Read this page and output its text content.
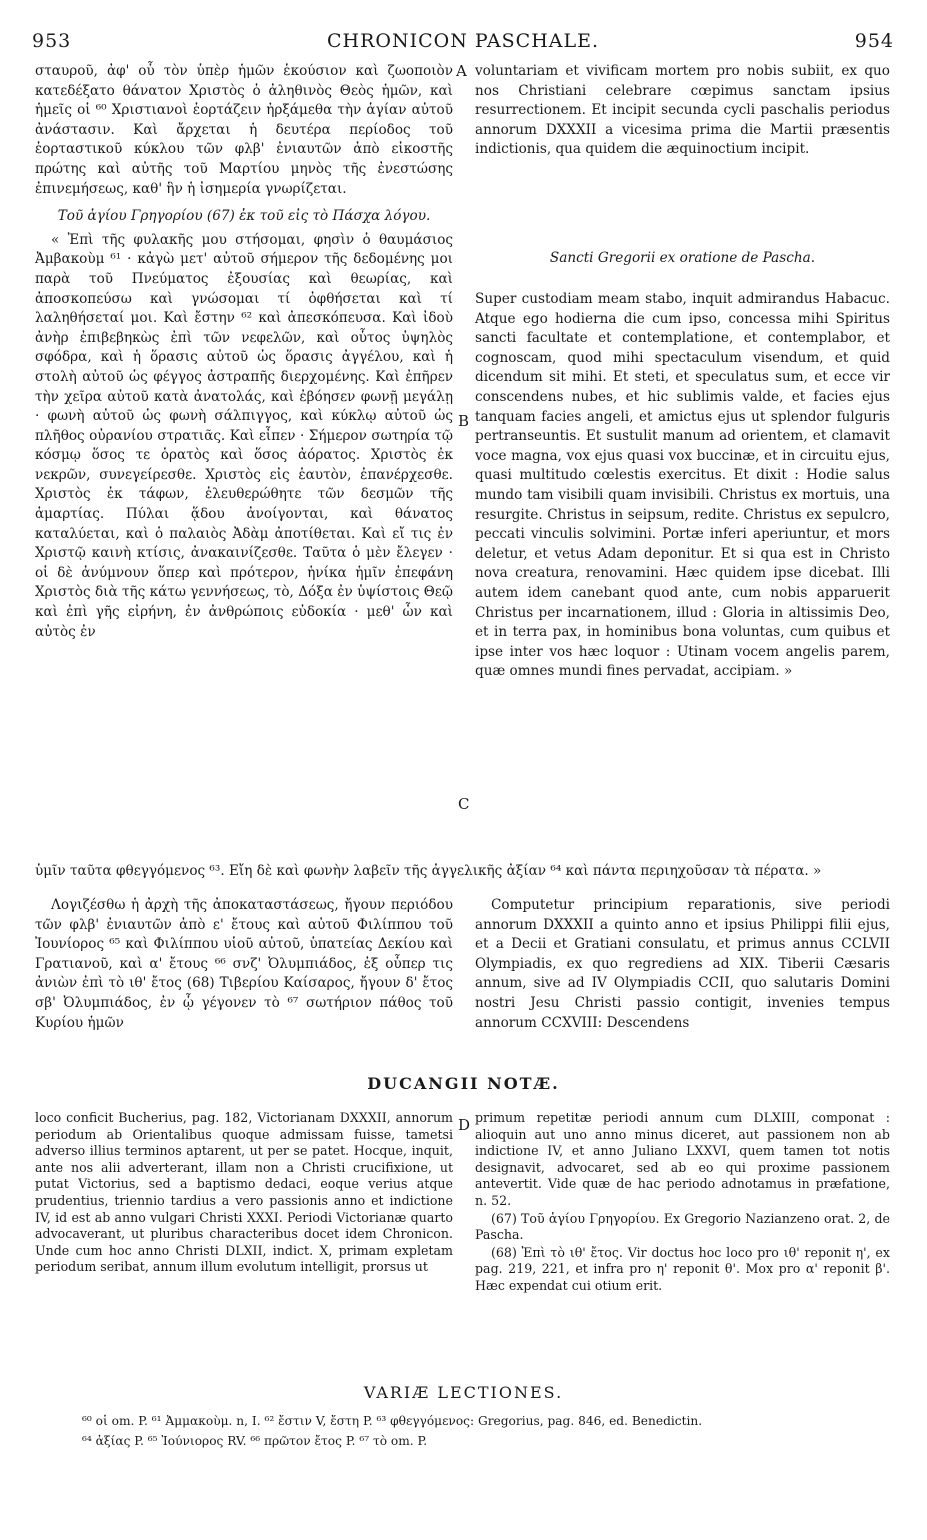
953	CHRONICON PASCHALE.	954

σταυροῦ, ἀφ' οὗ τὸν ὑπὲρ ἡμῶν ἑκούσιον καὶ ζωοποιὸν κατεδέξατο θάνατον Χριστὸς ὁ ἀληθινὸς Θεὸς ἡμῶν, καὶ ἡμεῖς οἱ ⁶⁰ Χριστιανοὶ ἑορτάζειν ἠρξάμεθα τὴν ἁγίαν αὐτοῦ ἀνάστασιν. Καὶ ἄρχεται ἡ δευτέρα περίοδος τοῦ ἑορταστικοῦ κύκλου τῶν φλβ' ἐνιαυτῶν ἀπὸ εἰκοστῆς πρώτης καὶ αὐτῆς τοῦ Μαρτίου μηνὸς τῆς ἐνεστώσης ἐπινεμήσεως, καθ' ἣν ἡ ἰσημερία γνωρίζεται.

Τοῦ ἁγίου Γρηγορίου (67) ἐκ τοῦ εἰς τὸ Πάσχα λόγου.

« Ἐπὶ τῆς φυλακῆς μου στήσομαι, φησὶν ὁ θαυμάσιος Ἀμβακοὺμ ⁶¹ · κἀγὼ μετ' αὐτοῦ σήμερον τῆς δεδομένης μοι παρὰ τοῦ Πνεύματος ἐξουσίας καὶ θεωρίας, καὶ ἀποσκοπεύσω καὶ γνώσομαι τί ὀφθήσεται καὶ τί λαληθήσεταί μοι. Καὶ ἔστην ⁶² καὶ ἀπεσκόπευσα. Καὶ ἰδοὺ ἀνὴρ ἐπιβεβηκὼς ἐπὶ τῶν νεφελῶν, καὶ οὗτος ὑψηλὸς σφόδρα, καὶ ἡ ὅρασις αὐτοῦ ὡς ὅρασις ἀγγέλου, καὶ ἡ στολὴ αὐτοῦ ὡς φέγγος ἀστραπῆς διερχομένης. Καὶ ἐπῆρεν τὴν χεῖρα αὐτοῦ κατὰ ἀνατολάς, καὶ ἐβόησεν φωνῇ μεγάλῃ · φωνὴ αὐτοῦ ὡς φωνὴ σάλπιγγος, καὶ κύκλῳ αὐτοῦ ὡς πλῆθος οὐρανίου στρατιᾶς. Καὶ εἶπεν · Σήμερον σωτηρία τῷ κόσμῳ ὅσος τε ὁρατὸς καὶ ὅσος ἀόρατος. Χριστὸς ἐκ νεκρῶν, συνεγείρεσθε. Χριστὸς εἰς ἑαυτὸν, ἐπανέρχεσθε. Χριστὸς ἐκ τάφων, ἐλευθερώθητε τῶν δεσμῶν τῆς ἁμαρτίας. Πύλαι ᾅδου ἀνοίγονται, καὶ θάνατος καταλύεται, καὶ ὁ παλαιὸς Ἀδὰμ ἀποτίθεται. Καὶ εἴ τις ἐν Χριστῷ καινὴ κτίσις, ἀνακαινίζεσθε. Ταῦτα ὁ μὲν ἔλεγεν · οἱ δὲ ἀνύμνουν ὅπερ καὶ πρότερον, ἡνίκα ἡμῖν ἐπεφάνη Χριστὸς διὰ τῆς κάτω γεννήσεως, τὸ, Δόξα ἐν ὑψίστοις Θεῷ καὶ ἐπὶ γῆς εἰρήνη, ἐν ἀνθρώποις εὐδοκία · μεθ' ὧν καὶ αὐτὸς ἐν

voluntariam et vivificam mortem pro nobis subiit, ex quo nos Christiani celebrare cœpimus sanctam ipsius resurrectionem. Et incipit secunda cycli paschalis periodus annorum DXXXII a vicesima prima die Martii præsentis indictionis, qua quidem die æquinoctium incipit.

Sancti Gregorii ex oratione de Pascha.

Super custodiam meam stabo, inquit admirandus Habacuc. Atque ego hodierna die cum ipso, concessa mihi Spiritus sancti facultate et contemplatione, et contemplabor, et cognoscam, quod mihi spectaculum visendum, et quid dicendum sit mihi. Et steti, et speculatus sum, et ecce vir conscendens nubes, et hic sublimis valde, et facies ejus tanquam facies angeli, et amictus ejus ut splendor fulguris pertranseuntis. Et sustulit manum ad orientem, et clamavit voce magna, vox ejus quasi vox buccinæ, et in circuitu ejus, quasi multitudo cœlestis exercitus. Et dixit : Hodie salus mundo tam visibili quam invisibili. Christus ex mortuis, una resurgite. Christus in seipsum, redite. Christus ex sepulcro, peccati vinculis solvimini. Portæ inferi aperiuntur, et mors deletur, et vetus Adam deponitur. Et si qua est in Christo nova creatura, renovamini. Hæc quidem ipse dicebat. Illi autem idem canebant quod ante, cum nobis apparuerit Christus per incarnationem, illud : Gloria in altissimis Deo, et in terra pax, in hominibus bona voluntas, cum quibus et ipse inter vos hæc loquor : Utinam vocem angelis parem, quæ omnes mundi fines pervadat, accipiam. »

A
B
C
D
ὑμῖν ταῦτα φθεγγόμενος ⁶³. Εἴη δὲ καὶ φωνὴν λαβεῖν τῆς ἀγγελικῆς ἀξίαν ⁶⁴ καὶ πάντα περιηχοῦσαν τὰ πέρατα. »

Λογιζέσθω ἡ ἀρχὴ τῆς ἀποκαταστάσεως, ἤγουν περιόδου τῶν φλβ' ἐνιαυτῶν ἀπὸ ε' ἔτους καὶ αὐτοῦ Φιλίππου τοῦ Ἰουνίορος ⁶⁵ καὶ Φιλίππου υἱοῦ αὐτοῦ, ὑπατείας Δεκίου καὶ Γρατιανοῦ, καὶ α' ἔτους ⁶⁶ σνζ' Ὀλυμπιάδος, ἐξ οὗπερ τις ἀνιὼν ἐπὶ τὸ ιθ' ἔτος (68) Τιβερίου Καίσαρος, ἤγουν δ' ἔτος σβ' Ὀλυμπιάδος, ἐν ᾧ γέγονεν τὸ ⁶⁷ σωτήριον πάθος τοῦ Κυρίου ἡμῶν

Computetur principium reparationis, sive periodi annorum DXXXII a quinto anno et ipsius Philippi filii ejus, et a Decii et Gratiani consulatu, et primus annus CCLVII Olympiadis, ex quo regrediens ad XIX. Tiberii Cæsaris annum, sive ad IV Olympiadis CCII, quo salutaris Domini nostri Jesu Christi passio contigit, invenies tempus annorum CCXVIII: Descendens

DUCANGII NOTÆ.

loco conficit Bucherius, pag. 182, Victorianam DXXXII, annorum periodum ab Orientalibus quoque admissam fuisse, tametsi adverso illius terminos aptarent, ut per se patet. Hocque, inquit, ante nos alii adverterant, illam non a Christi crucifixione, ut putat Victorius, sed a baptismo dedaci, eoque verius atque prudentius, triennio tardius a vero passionis anno et indictione IV, id est ab anno vulgari Christi XXXI. Periodi Victorianæ quarto advocaverant, ut pluribus characteribus docet idem Chronicon. Unde cum hoc anno Christi DLXII, indict. X, primam expletam periodum seribat, annum illum evolutum intelligit, prorsus ut

primum repetitæ periodi annum cum DLXIII, componat : alioquin aut uno anno minus diceret, aut passionem non ab indictione IV, et anno Juliano LXXVI, quem tamen tot notis designavit, advocaret, sed ab eo qui proxime passionem antevertit. Vide quæ de hac periodo adnotamus in præfatione, n. 52.

(67) Τοῦ ἁγίου Γρηγορίου. Ex Gregorio Nazianzeno orat. 2, de Pascha.

(68) Ἐπὶ τὸ ιθ' ἔτος. Vir doctus hoc loco pro ιθ' reponit η', ex pag. 219, 221, et infra pro η' reponit θ'. Mox pro α' reponit β'. Hæc expendat cui otium erit.

VARIÆ LECTIONES.
⁶⁰ οἱ om. P. ⁶¹ Ἀμμακοὺμ. n, I. ⁶² ἔστιν V, ἔστη P. ⁶³ φθεγγόμενος: Gregorius, pag. 846, ed. Benedictin.
⁶⁴ ἀξίας P. ⁶⁵ Ἰούνιορος RV. ⁶⁶ πρῶτον ἔτος P. ⁶⁷ τὸ om. P.
